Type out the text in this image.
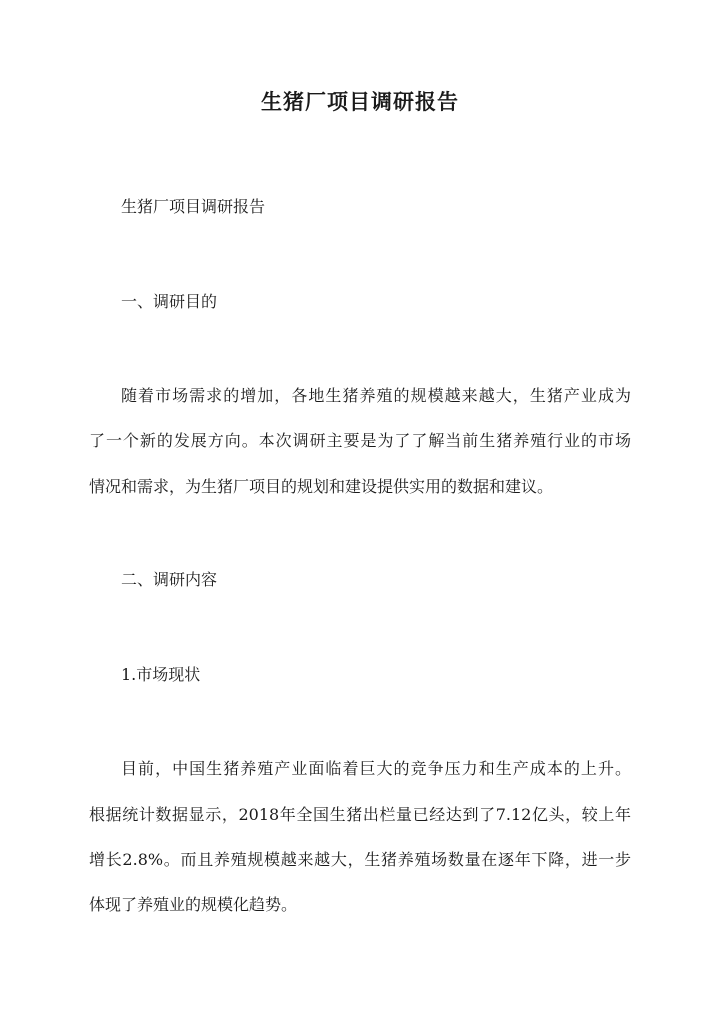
生猪厂项目调研报告

生猪厂项目调研报告

一、调研目的

随着市场需求的增加，各地生猪养殖的规模越来越大，生猪产业成为

了一个新的发展方向。本次调研主要是为了了解当前生猪养殖行业的市场

情况和需求，为生猪厂项目的规划和建设提供实用的数据和建议。

二、调研内容

1.市场现状

目前，中国生猪养殖产业面临着巨大的竞争压力和生产成本的上升。

根据统计数据显示，2018年全国生猪出栏量已经达到了7.12亿头，较上年

增长2.8%。而且养殖规模越来越大，生猪养殖场数量在逐年下降，进一步

体现了养殖业的规模化趋势。
